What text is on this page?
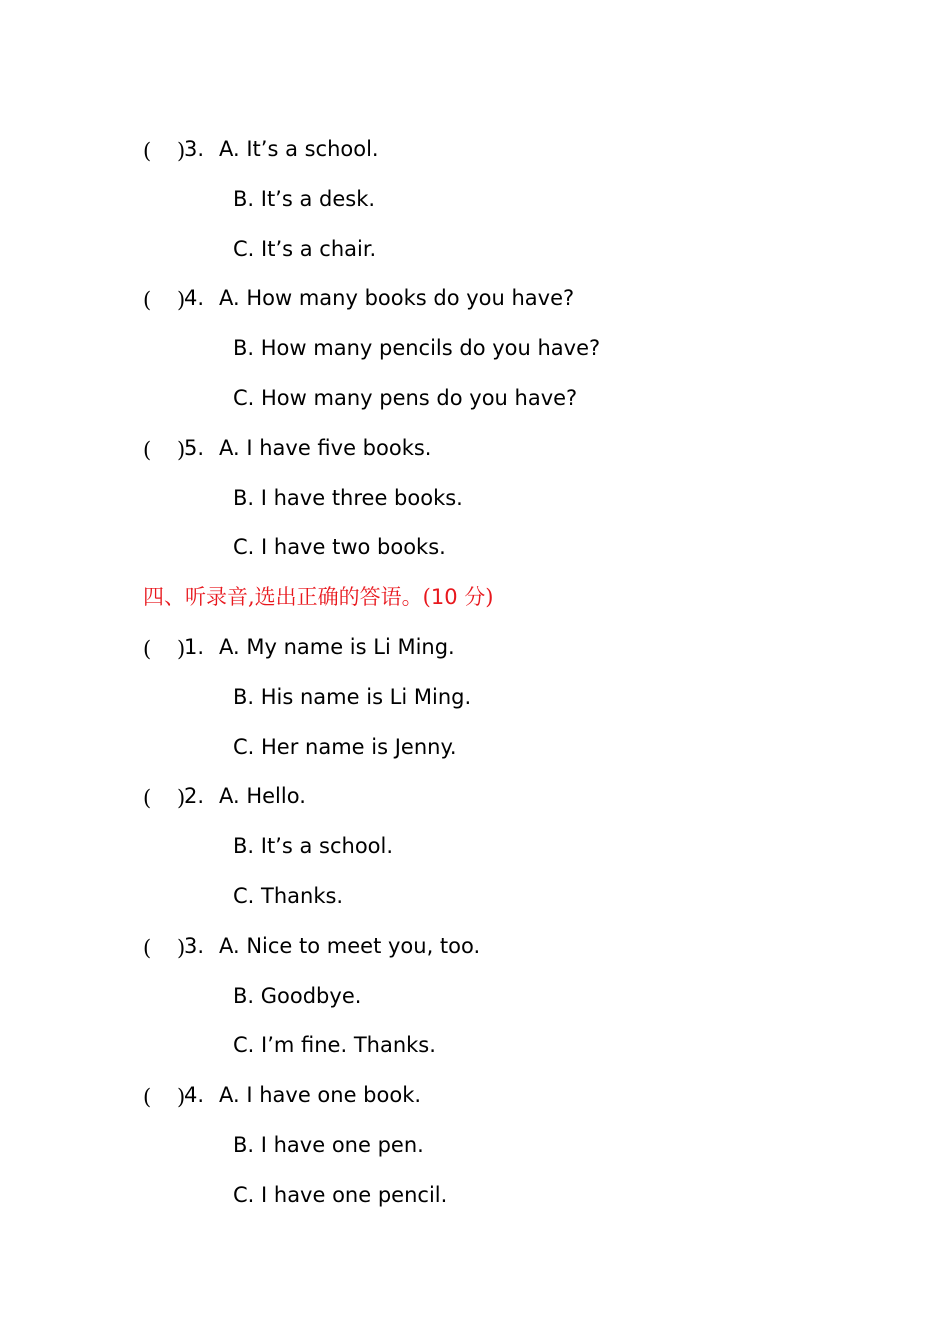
( )
3. A. It’s a school.
B. It’s a desk.
C. It’s a chair.
( )
4. A. How many books do you have?
B. How many pencils do you have?
C. How many pens do you have?
( )
5. A. I have five books.
B. I have three books.
C. I have two books.
四、听录音,选出正确的答语。(10 分)
( )
1. A. My name is Li Ming.
B. His name is Li Ming.
C. Her name is Jenny.
( )
2. A. Hello.
B. It’s a school.
C. Thanks.
( )
3. A. Nice to meet you, too.
B. Goodbye.
C. I’m fine. Thanks.
( )
4. A. I have one book.
B. I have one pen.
C. I have one pencil.
